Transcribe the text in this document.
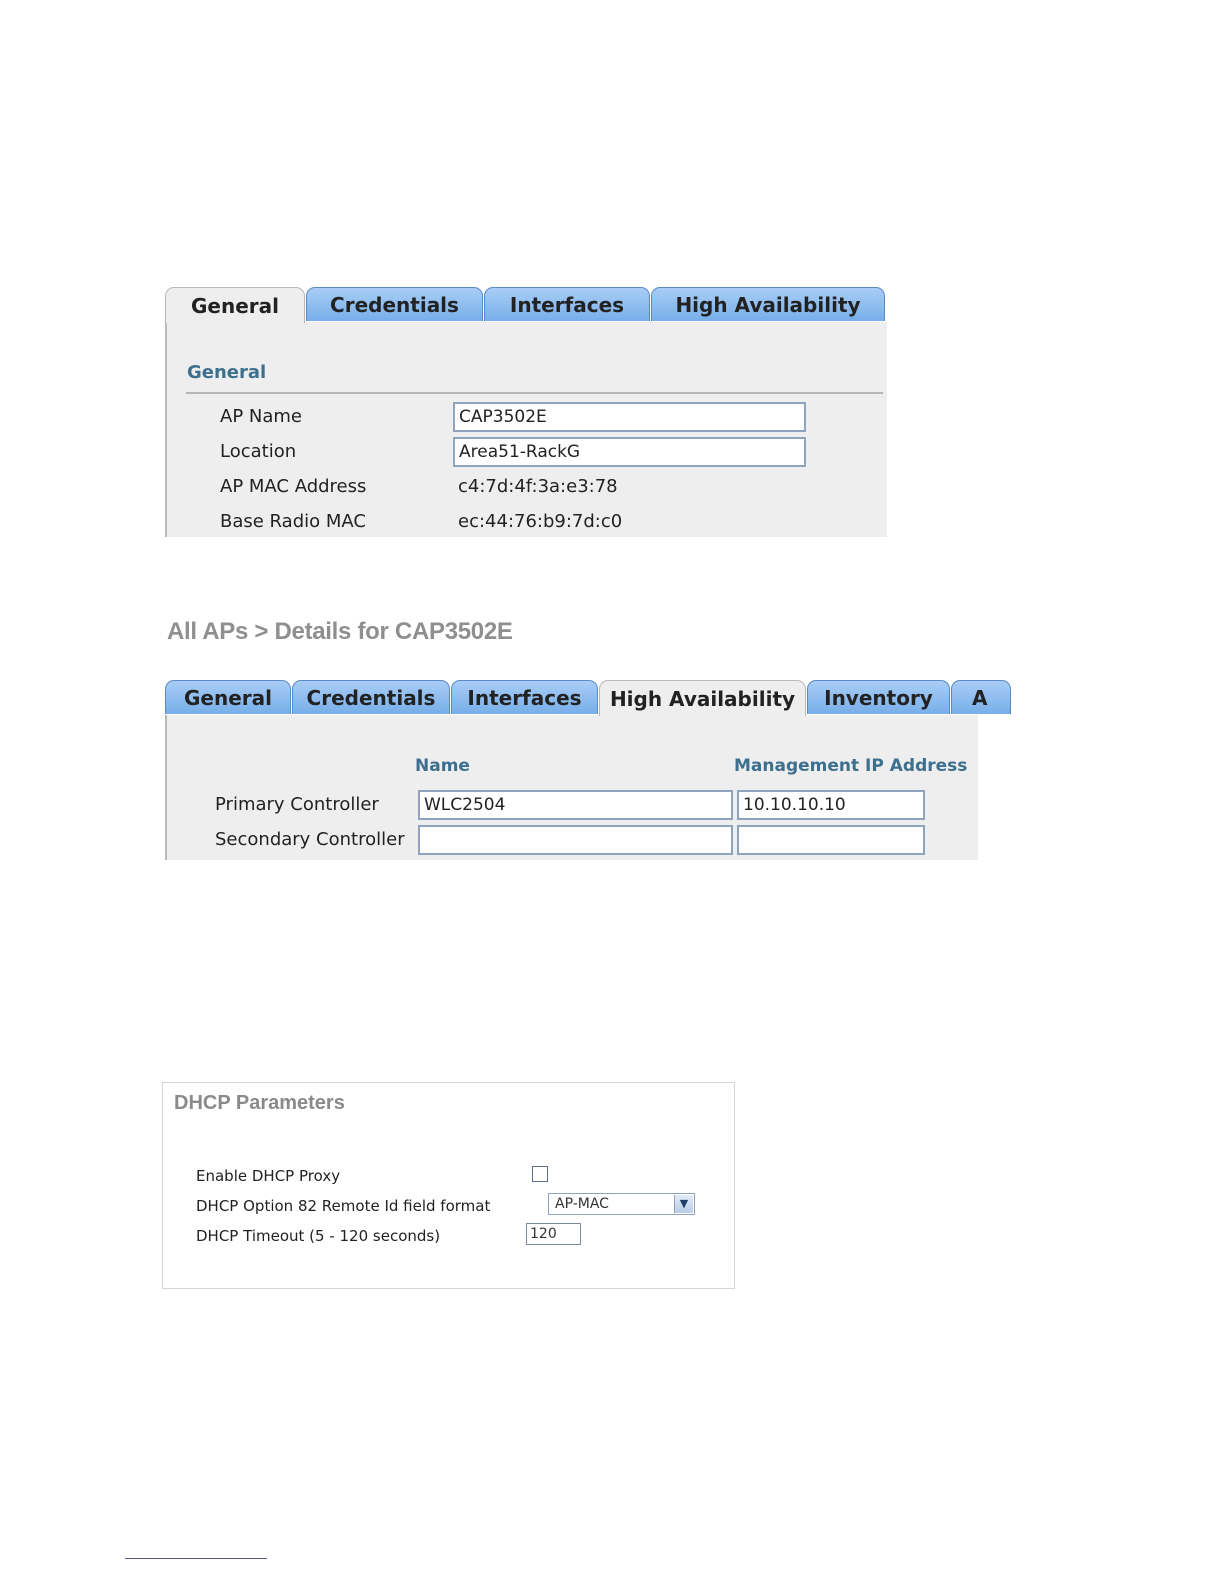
General	Credentials	Interfaces	High Availability
General
AP Name	CAP3502E
Location	Area51-RackG
AP MAC Address	c4:7d:4f:3a:e3:78
Base Radio MAC	ec:44:76:b9:7d:c0
All APs > Details for CAP3502E
General	Credentials	Interfaces	High Availability	Inventory	A
Name	Management IP Address
Primary Controller	WLC2504	10.10.10.10
Secondary Controller
DHCP Parameters
Enable DHCP Proxy
DHCP Option 82 Remote Id field format	AP-MAC	▼
DHCP Timeout (5 - 120 seconds)	120
